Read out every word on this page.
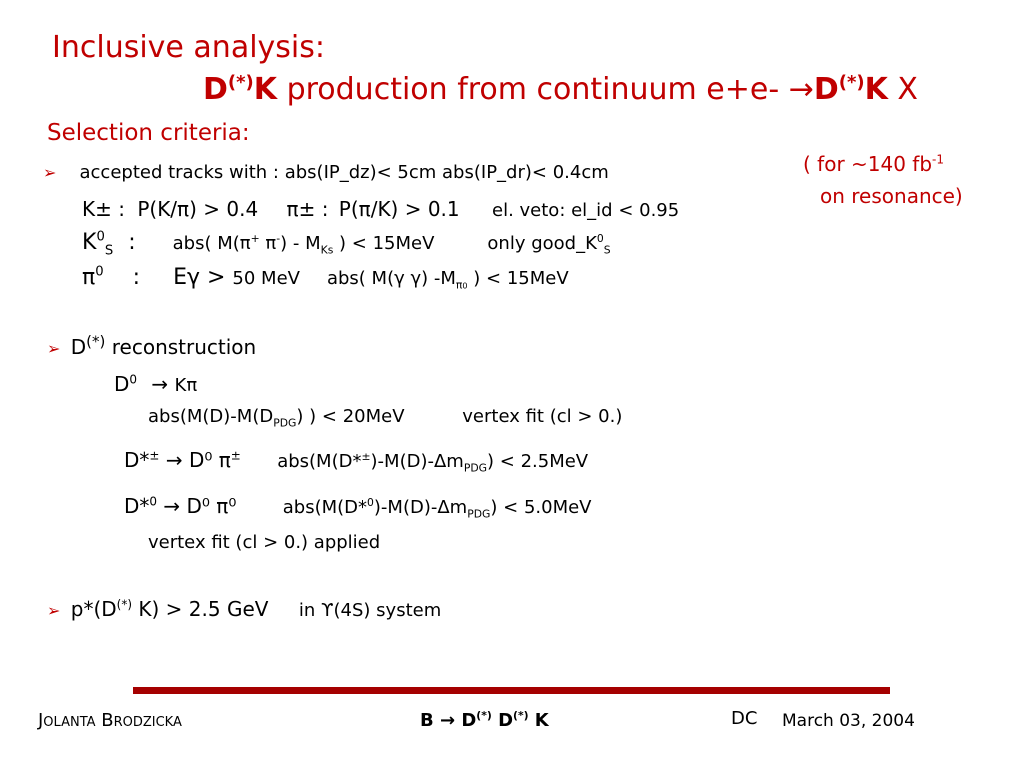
Inclusive analysis:
D(*)K production from continuum e+e- →D(*)K X
Selection criteria:
( for ~140 $fb^{-1}$
on resonance)
➢ accepted tracks with : abs(IP_dz)< 5cm abs(IP_dr)< 0.4cm
K± : P(K/π) > 0.4 π± : P(π/K) > 0.1 el. veto: el_id < 0.95
$K^0_S$ : abs( M(π+ $\pi^-) - M_{Ks}$ ) < 15MeV	only $good\_K^0_S$
$\pi^0$ : Eγ > 50 MeV abs( M(γ γ) $-M_{\pi 0}$ ) < 15MeV
➢ D(*) reconstruction
$D^0 \to K\pi$
$abs(M(D)-M(D_{PDG})$ ) < 20MeV	vertex fit (cl > 0.)
D*± → D⁰ π± $abs(M(D*^\pm)-M(D)-\Delta m_{PDG}) < 2.5MeV$
D*$^0$ → D⁰ π⁰	$abs(M(D*^0)-M(D)-\Delta m_{PDG}) < 5.0MeV$
vertex fit (cl > 0.) applied
➢ p*(D(*) K) > 2.5 GeV in ϒ(4S) system
Jolanta Brodzicka	B → D(*) D(*) K	DC March 03, 2004
